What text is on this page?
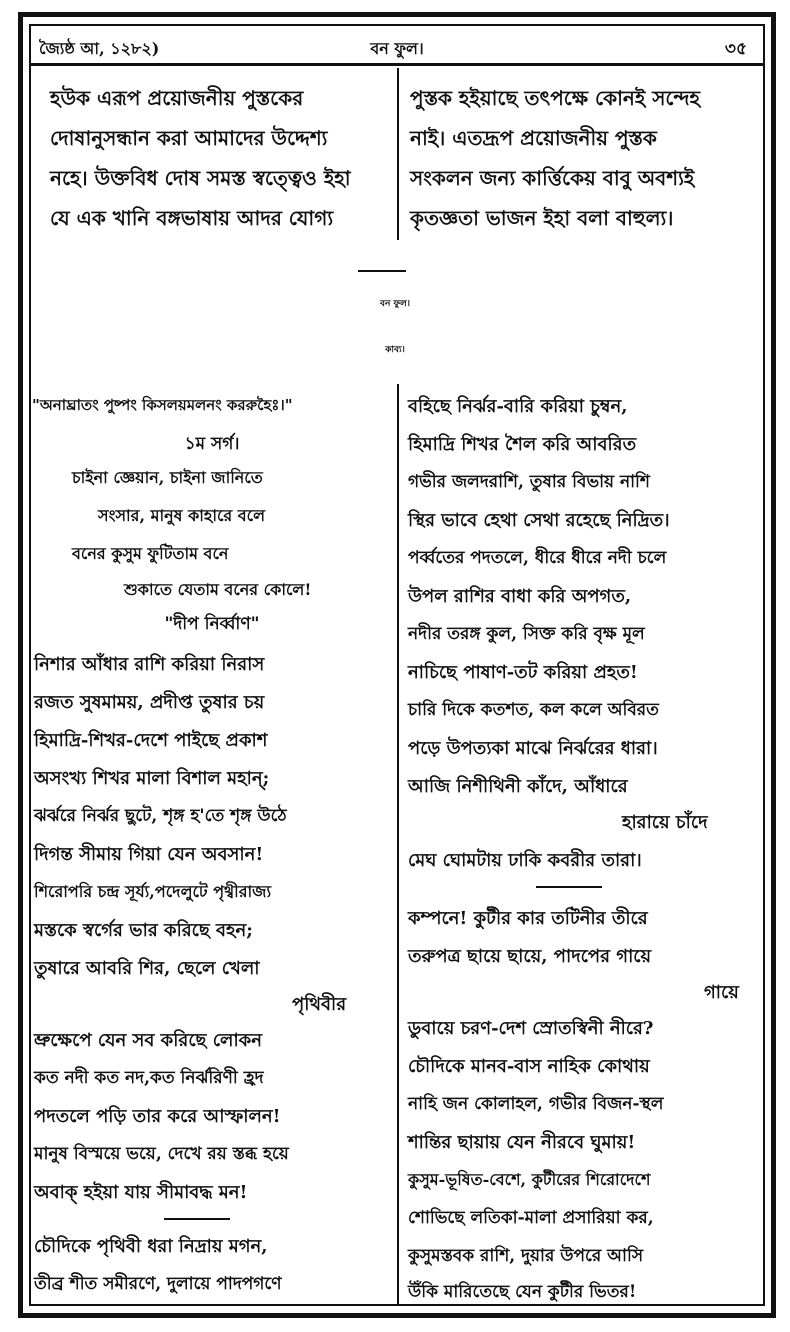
জ্যৈষ্ঠ আ, ১২৮২)	বন ফুল।	৩৫
হউক এরূপ প্রয়োজনীয় পুস্তকের
দোষানুসন্ধান করা আমাদের উদ্দেশ্য
নহে। উক্তবিধ দোষ সমস্ত স্বত্ত্বেও ইহা
যে এক খানি বঙ্গভাষায় আদর যোগ্য
পুস্তক হইয়াছে তৎপক্ষে কোনই সন্দেহ
নাই। এতদ্রূপ প্রয়োজনীয় পুস্তক
সংকলন জন্য কার্ত্তিকেয় বাবু অবশ্যই
কৃতজ্ঞতা ভাজন ইহা বলা বাহুল্য।
বন ফুল।
কাব্য।
"অনাঘ্রাতং পুষ্পং কিসলয়মলনং কররুহৈঃ।"
১ম সর্গ।
চাইনা জ্ঞেয়ান, চাইনা জানিতে
সংসার, মানুষ কাহারে বলে
বনের কুসুম ফুটিতাম বনে
শুকাতে যেতাম বনের কোলে!
"দীপ নির্ব্বাণ"
নিশার আঁধার রাশি করিয়া নিরাস
রজত সুষমাময়, প্রদীপ্ত তুষার চয়
হিমাদ্রি-শিখর-দেশে পাইছে প্রকাশ
অসংখ্য শিখর মালা বিশাল মহান্;
ঝর্ঝরে নির্ঝর ছুটে, শৃঙ্গ হ'তে শৃঙ্গ উঠে
দিগন্ত সীমায় গিয়া যেন অবসান!
শিরোপরি চন্দ্র সূর্য্য,পদেলুটে পৃথ্বীরাজ্য
মস্তকে স্বর্গের ভার করিছে বহন;
তুষারে আবরি শির, ছেলে খেলা
পৃথিবীর
ভ্রুক্ষেপে যেন সব করিছে লোকন
কত নদী কত নদ,কত নির্ঝরিণী হ্রদ
পদতলে পড়ি তার করে আস্ফালন!
মানুষ বিস্ময়ে ভয়ে, দেখে রয় স্তব্ধ হয়ে
অবাক্ হইয়া যায় সীমাবদ্ধ মন!
চৌদিকে পৃথিবী ধরা নিদ্রায় মগন,
তীব্র শীত সমীরণে, দুলায়ে পাদপগণে
বহিছে নির্ঝর-বারি করিয়া চুম্বন,
হিমাদ্রি শিখর শৈল করি আবরিত
গভীর জলদরাশি, তুষার বিভায় নাশি
স্থির ভাবে হেথা সেথা রহেছে নিদ্রিত।
পর্ব্বতের পদতলে, ধীরে ধীরে নদী চলে
উপল রাশির বাধা করি অপগত,
নদীর তরঙ্গ কুল, সিক্ত করি বৃক্ষ মূল
নাচিছে পাষাণ-তট করিয়া প্রহত!
চারি দিকে কতশত, কল কলে অবিরত
পড়ে উপত্যকা মাঝে নির্ঝরের ধারা।
আজি নিশীথিনী কাঁদে, আঁধারে
হারায়ে চাঁদে
মেঘ ঘোমটায় ঢাকি কবরীর তারা।
কম্পনে! কুটীর কার তটিনীর তীরে
তরুপত্র ছায়ে ছায়ে, পাদপের গায়ে
গায়ে
ডুবায়ে চরণ-দেশ স্রোতস্বিনী নীরে?
চৌদিকে মানব-বাস নাহিক কোথায়
নাহি জন কোলাহল, গভীর বিজন-স্থল
শান্তির ছায়ায় যেন নীরবে ঘুমায়!
কুসুম-ভূষিত-বেশে, কুটীরের শিরোদেশে
শোভিছে লতিকা-মালা প্রসারিয়া কর,
কুসুমস্তবক রাশি, দুয়ার উপরে আসি
উঁকি মারিতেছে যেন কুটীর ভিতর!
